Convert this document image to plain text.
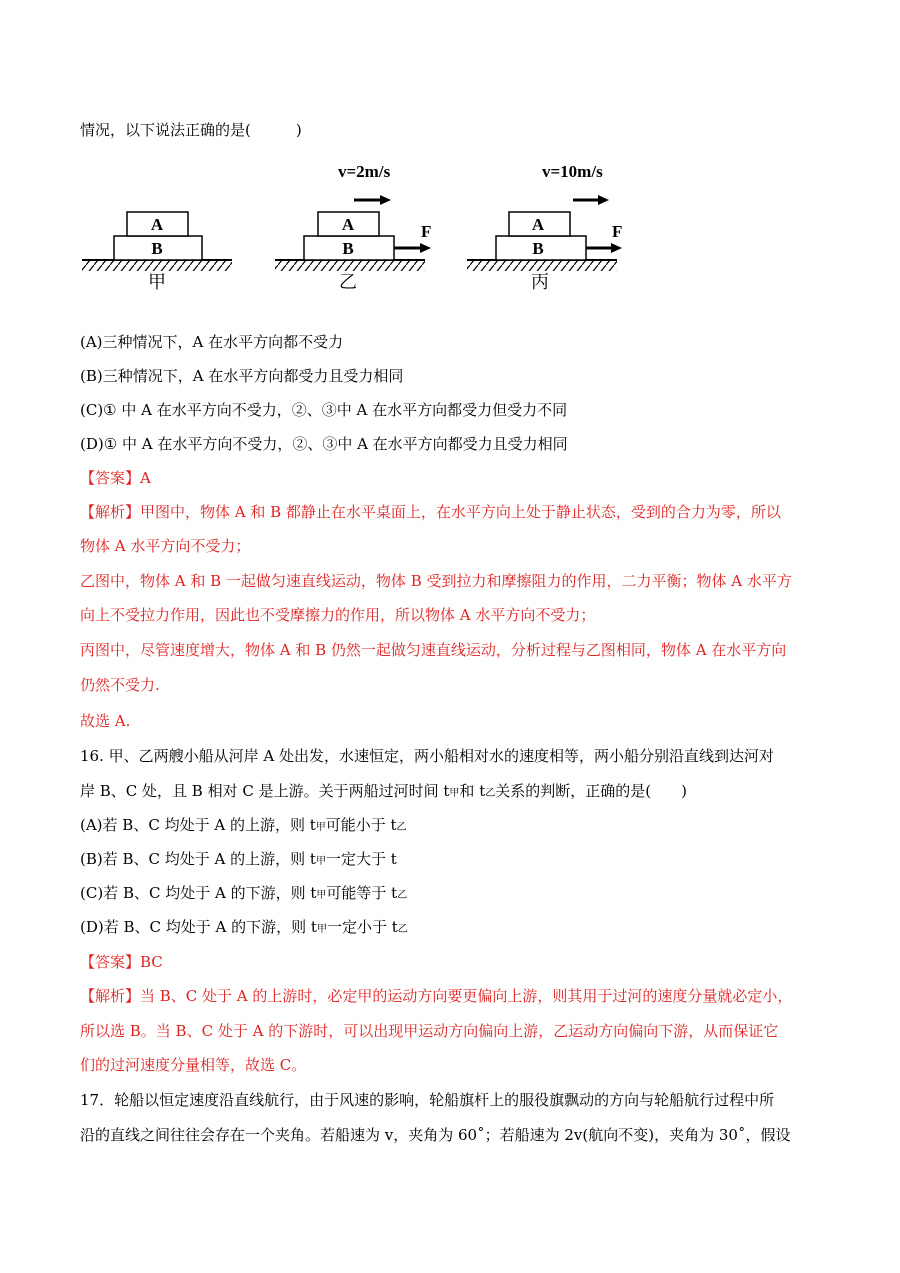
情况，以下说法正确的是(　　　)
A
B
甲
A
B
v=2m/s
F
乙
A
B
v=10m/s
F
丙
(A)三种情况下，A 在水平方向都不受力
(B)三种情况下，A 在水平方向都受力且受力相同
(C)① 中 A 在水平方向不受力，②、③中 A 在水平方向都受力但受力不同
(D)① 中 A 在水平方向不受力，②、③中 A 在水平方向都受力且受力相同
【答案】A
【解析】甲图中，物体 A 和 B 都静止在水平桌面上，在水平方向上处于静止状态，受到的合力为零，所以
物体 A 水平方向不受力；
乙图中，物体 A 和 B 一起做匀速直线运动，物体 B 受到拉力和摩擦阻力的作用，二力平衡；物体 A 水平方
向上不受拉力作用，因此也不受摩擦力的作用，所以物体 A 水平方向不受力；
丙图中，尽管速度增大，物体 A 和 B 仍然一起做匀速直线运动，分析过程与乙图相同，物体 A 在水平方向
仍然不受力.
故选 A.
16. 甲、乙两艘小船从河岸 A 处出发，水速恒定，两小船相对水的速度相等，两小船分别沿直线到达河对
岸 B、C 处，且 B 相对 C 是上游。关于两船过河时间 t甲和 t乙关系的判断，正确的是(　　)
(A)若 B、C 均处于 A 的上游，则 t甲可能小于 t乙
(B)若 B、C 均处于 A 的上游，则 t甲一定大于 t
(C)若 B、C 均处于 A 的下游，则 t甲可能等于 t乙
(D)若 B、C 均处于 A 的下游，则 t甲一定小于 t乙
【答案】BC
【解析】当 B、C 处于 A 的上游时，必定甲的运动方向要更偏向上游，则其用于过河的速度分量就必定小，
所以选 B。当 B、C 处于 A 的下游时，可以出现甲运动方向偏向上游，乙运动方向偏向下游，从而保证它
们的过河速度分量相等，故选 C。
17．轮船以恒定速度沿直线航行，由于风速的影响，轮船旗杆上的服役旗飘动的方向与轮船航行过程中所
沿的直线之间往往会存在一个夹角。若船速为 v，夹角为 60˚；若船速为 2v(航向不变)，夹角为 30˚，假设
